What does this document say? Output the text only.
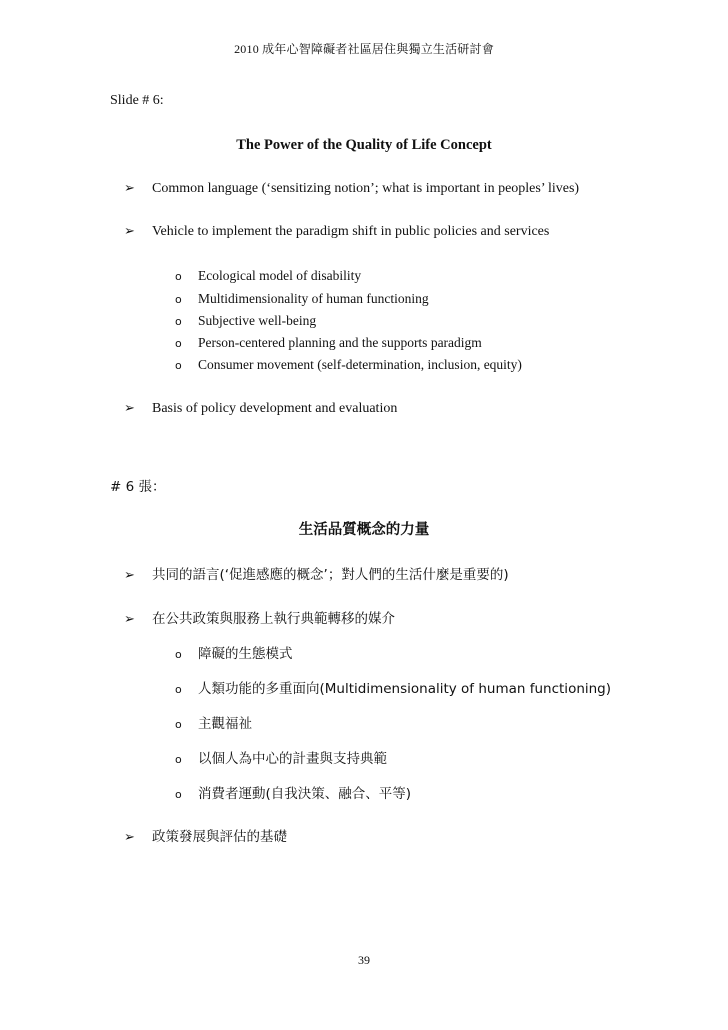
2010 成年心智障礙者社區居住與獨立生活研討會
Slide # 6:
The Power of the Quality of Life Concept
➢ Common language (‘sensitizing notion’; what is important in peoples’ lives)
➢ Vehicle to implement the paradigm shift in public policies and services
o Ecological model of disability
o Multidimensionality of human functioning
o Subjective well-being
o Person-centered planning and the supports paradigm
o Consumer movement (self-determination, inclusion, equity)
➢ Basis of policy development and evaluation
# 6 張：
生活品質概念的力量
➢ 共同的語言(‘促進感應的概念’；對人們的生活什麼是重要的)
➢ 在公共政策與服務上執行典範轉移的媒介
o 障礙的生態模式
o 人類功能的多重面向(Multidimensionality of human functioning)
o 主觀福祉
o 以個人為中心的計畫與支持典範
o 消費者運動(自我決策、融合、平等)
➢ 政策發展與評估的基礎
39
